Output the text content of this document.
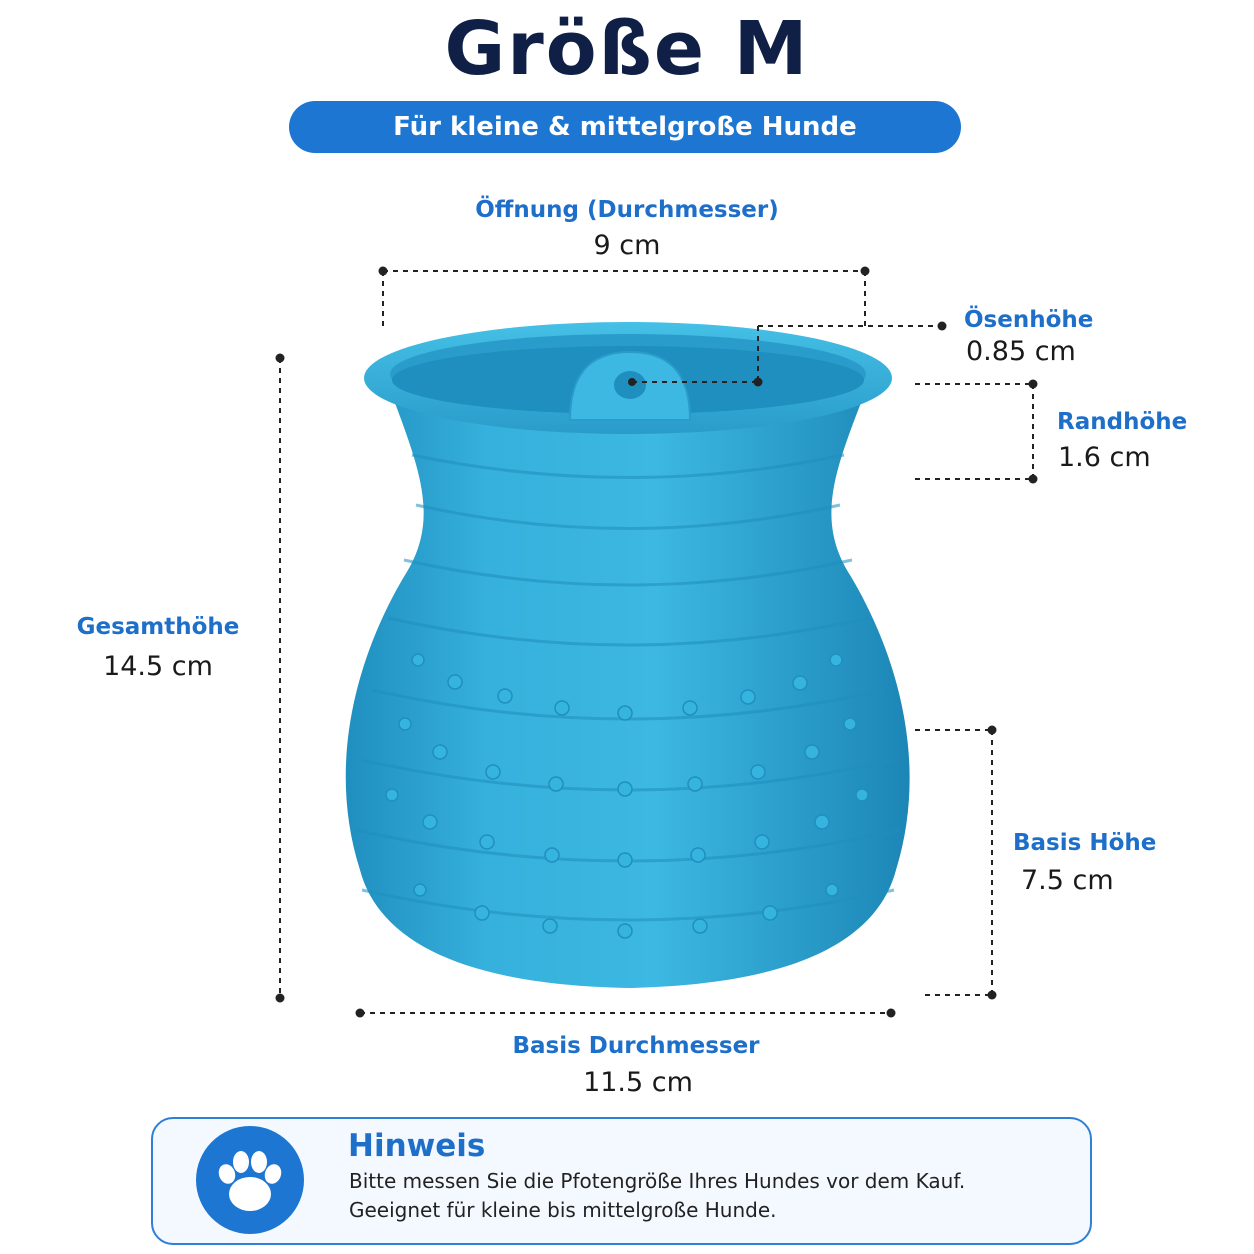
Größe M
Für kleine & mittelgroße Hunde
Öffnung (Durchmesser)
9 cm
Ösenhöhe
0.85 cm
Randhöhe
1.6 cm
Gesamthöhe
14.5 cm
Basis Höhe
7.5 cm
Basis Durchmesser
11.5 cm
Hinweis
Bitte messen Sie die Pfotengröße Ihres Hundes vor dem Kauf.
Geeignet für kleine bis mittelgroße Hunde.
